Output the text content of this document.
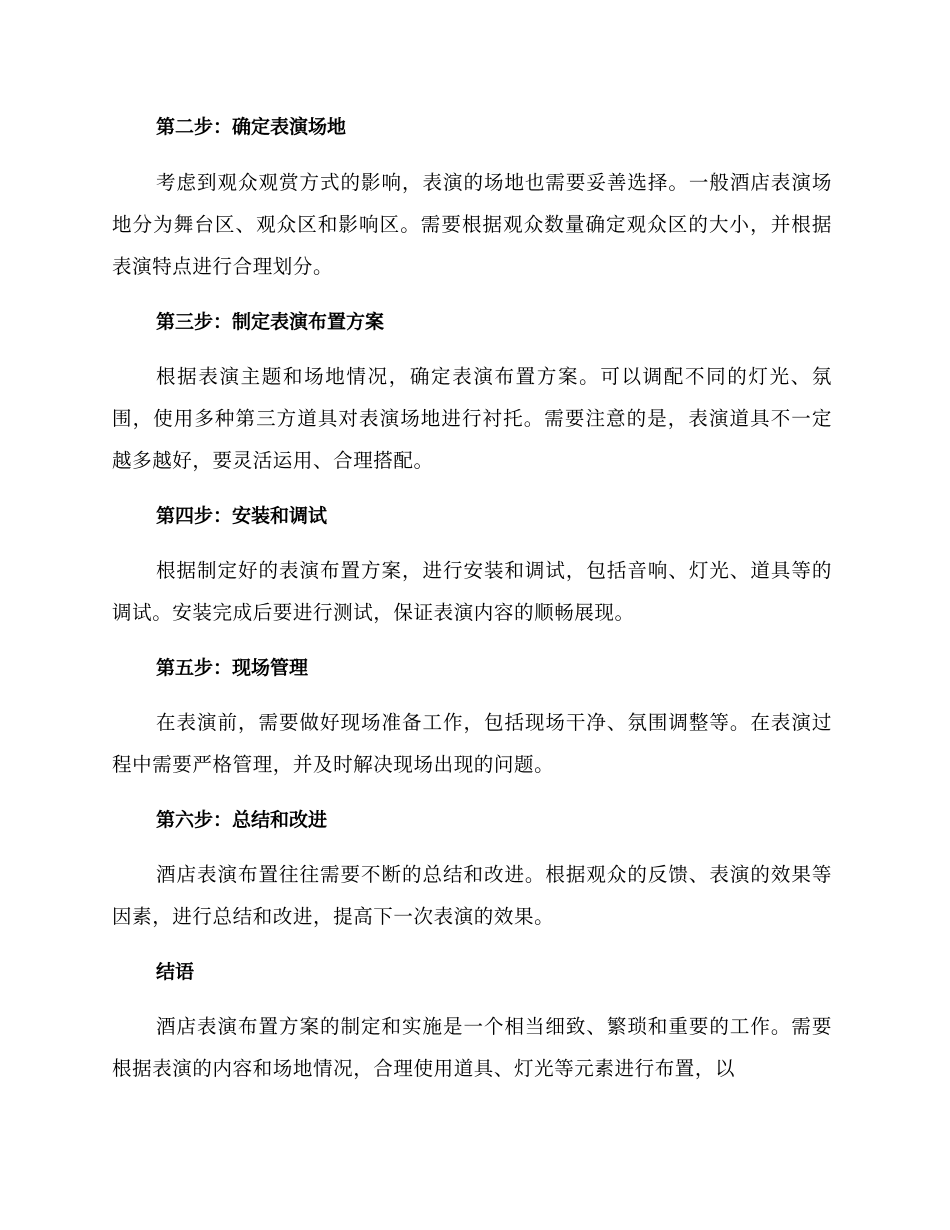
第二步：确定表演场地
考虑到观众观赏方式的影响，表演的场地也需要妥善选择。一般酒店表演场地分为舞台区、观众区和影响区。需要根据观众数量确定观众区的大小，并根据表演特点进行合理划分。
第三步：制定表演布置方案
根据表演主题和场地情况，确定表演布置方案。可以调配不同的灯光、氛围，使用多种第三方道具对表演场地进行衬托。需要注意的是，表演道具不一定越多越好，要灵活运用、合理搭配。
第四步：安装和调试
根据制定好的表演布置方案，进行安装和调试，包括音响、灯光、道具等的调试。安装完成后要进行测试，保证表演内容的顺畅展现。
第五步：现场管理
在表演前，需要做好现场准备工作，包括现场干净、氛围调整等。在表演过程中需要严格管理，并及时解决现场出现的问题。
第六步：总结和改进
酒店表演布置往往需要不断的总结和改进。根据观众的反馈、表演的效果等因素，进行总结和改进，提高下一次表演的效果。
结语
酒店表演布置方案的制定和实施是一个相当细致、繁琐和重要的工作。需要根据表演的内容和场地情况，合理使用道具、灯光等元素进行布置，以
